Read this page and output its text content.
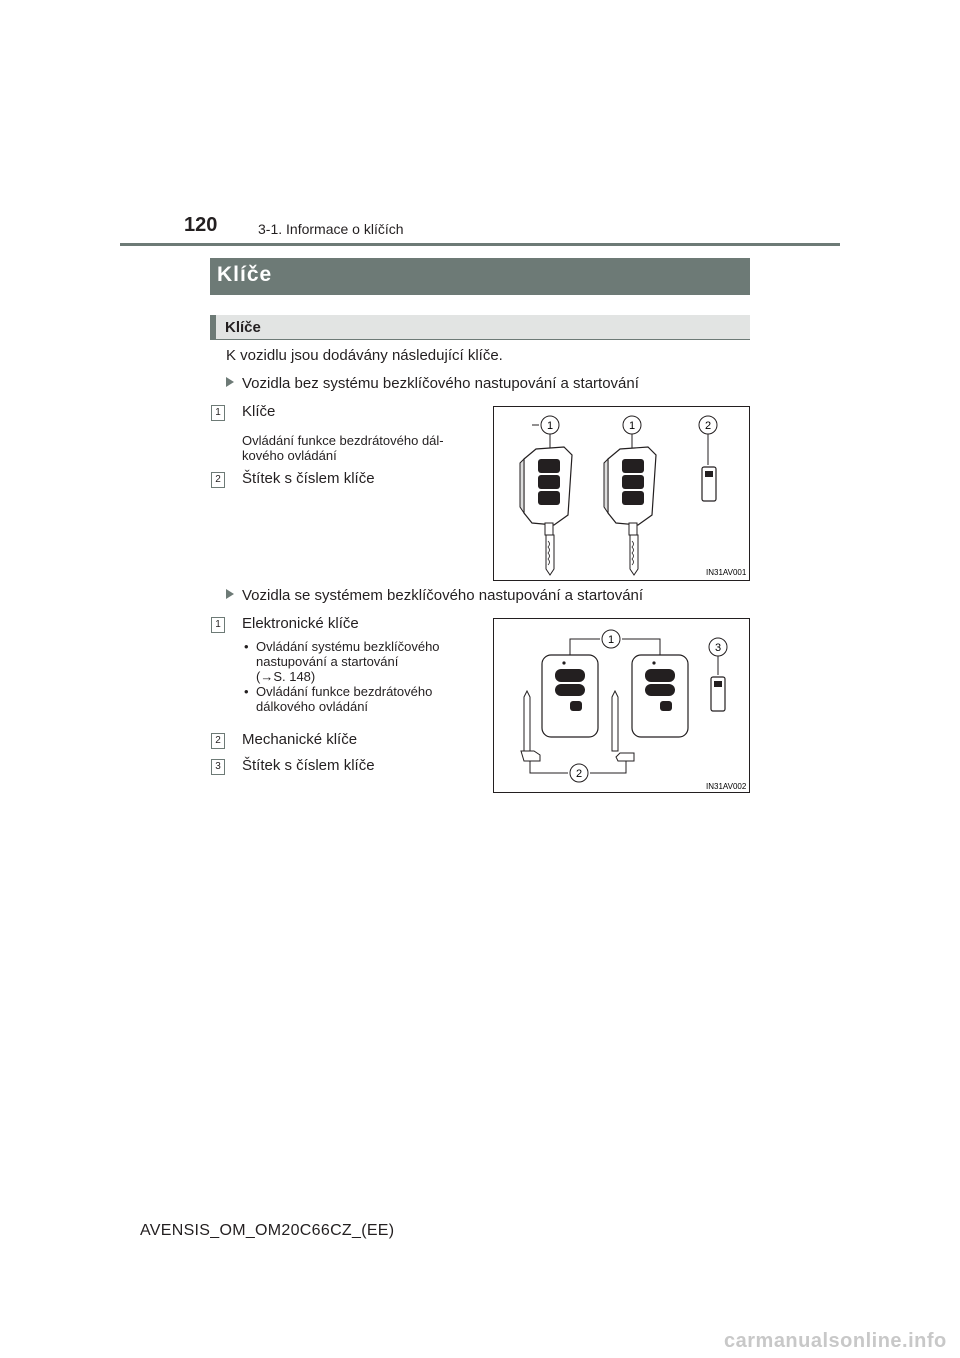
120	3-1. Informace o klíčích
Klíče
Klíče
K vozidlu jsou dodávány následující klíče.
Vozidla bez systému bezklíčového nastupování a startování
1 Klíče
Ovládání funkce bezdrátového dál-
kového ovládání
2 Štítek s číslem klíče
1	1	2
IN31AV001
Vozidla se systémem bezklíčového nastupování a startování
1 Elektronické klíče
• Ovládání systému bezklíčového
nastupování a startování
(→S. 148)
• Ovládání funkce bezdrátového
dálkového ovládání
2 Mechanické klíče
3 Štítek s číslem klíče
1
3
2
IN31AV002
AVENSIS_OM_OM20C66CZ_(EE)
carmanualsonline.info
